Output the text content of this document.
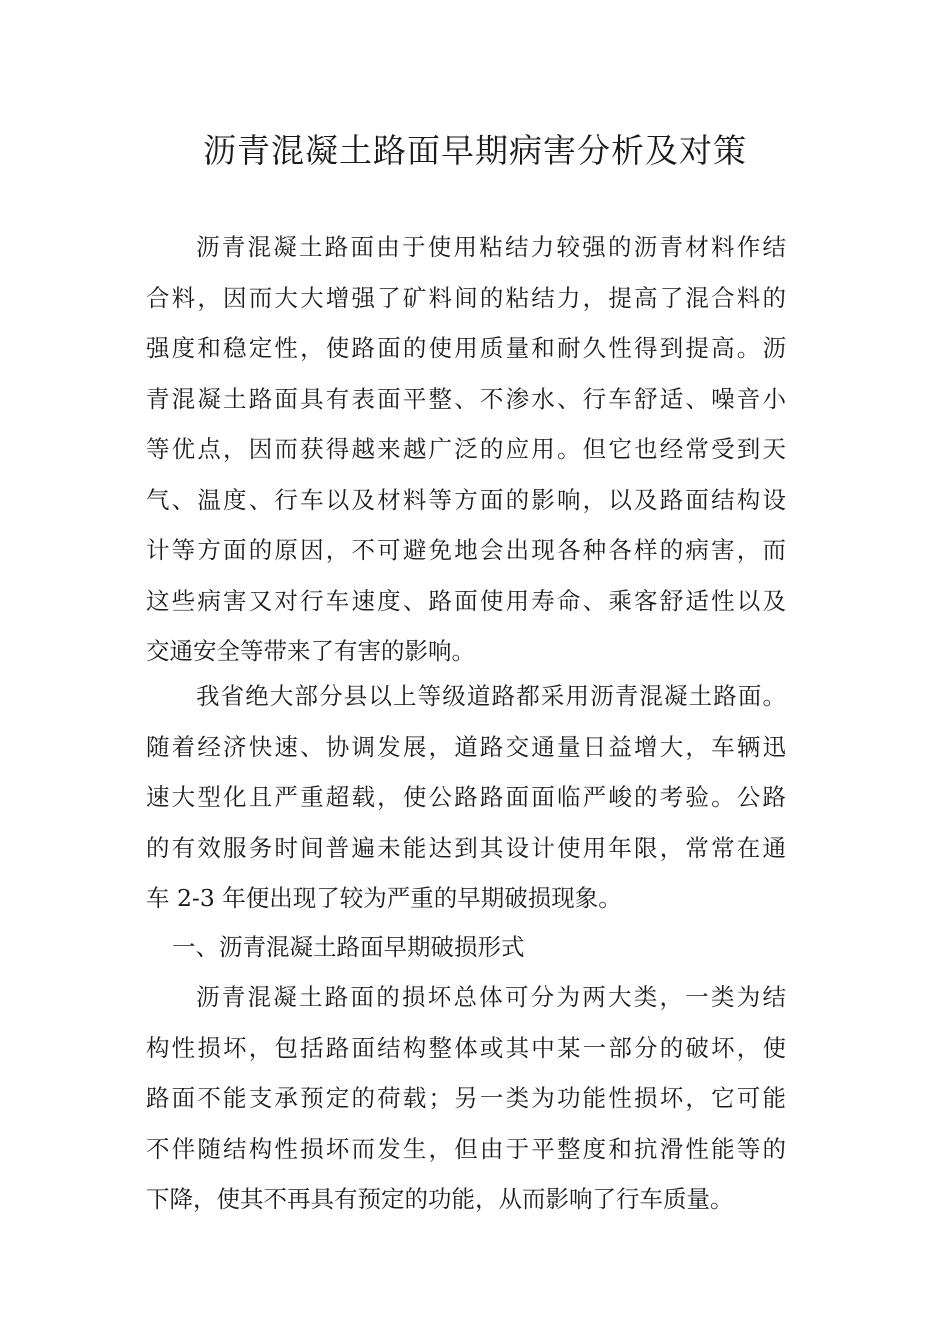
沥青混凝土路面早期病害分析及对策
沥青混凝土路面由于使用粘结力较强的沥青材料作结
合料，因而大大增强了矿料间的粘结力，提高了混合料的
强度和稳定性，使路面的使用质量和耐久性得到提高。沥
青混凝土路面具有表面平整、不渗水、行车舒适、噪音小
等优点，因而获得越来越广泛的应用。但它也经常受到天
气、温度、行车以及材料等方面的影响，以及路面结构设
计等方面的原因，不可避免地会出现各种各样的病害，而
这些病害又对行车速度、路面使用寿命、乘客舒适性以及
交通安全等带来了有害的影响。
我省绝大部分县以上等级道路都采用沥青混凝土路面。
随着经济快速、协调发展，道路交通量日益增大，车辆迅
速大型化且严重超载，使公路路面面临严峻的考验。公路
的有效服务时间普遍未能达到其设计使用年限，常常在通
车 2-3 年便出现了较为严重的早期破损现象。
一、沥青混凝土路面早期破损形式
沥青混凝土路面的损坏总体可分为两大类，一类为结
构性损坏，包括路面结构整体或其中某一部分的破坏，使
路面不能支承预定的荷载；另一类为功能性损坏，它可能
不伴随结构性损坏而发生，但由于平整度和抗滑性能等的
下降，使其不再具有预定的功能，从而影响了行车质量。
